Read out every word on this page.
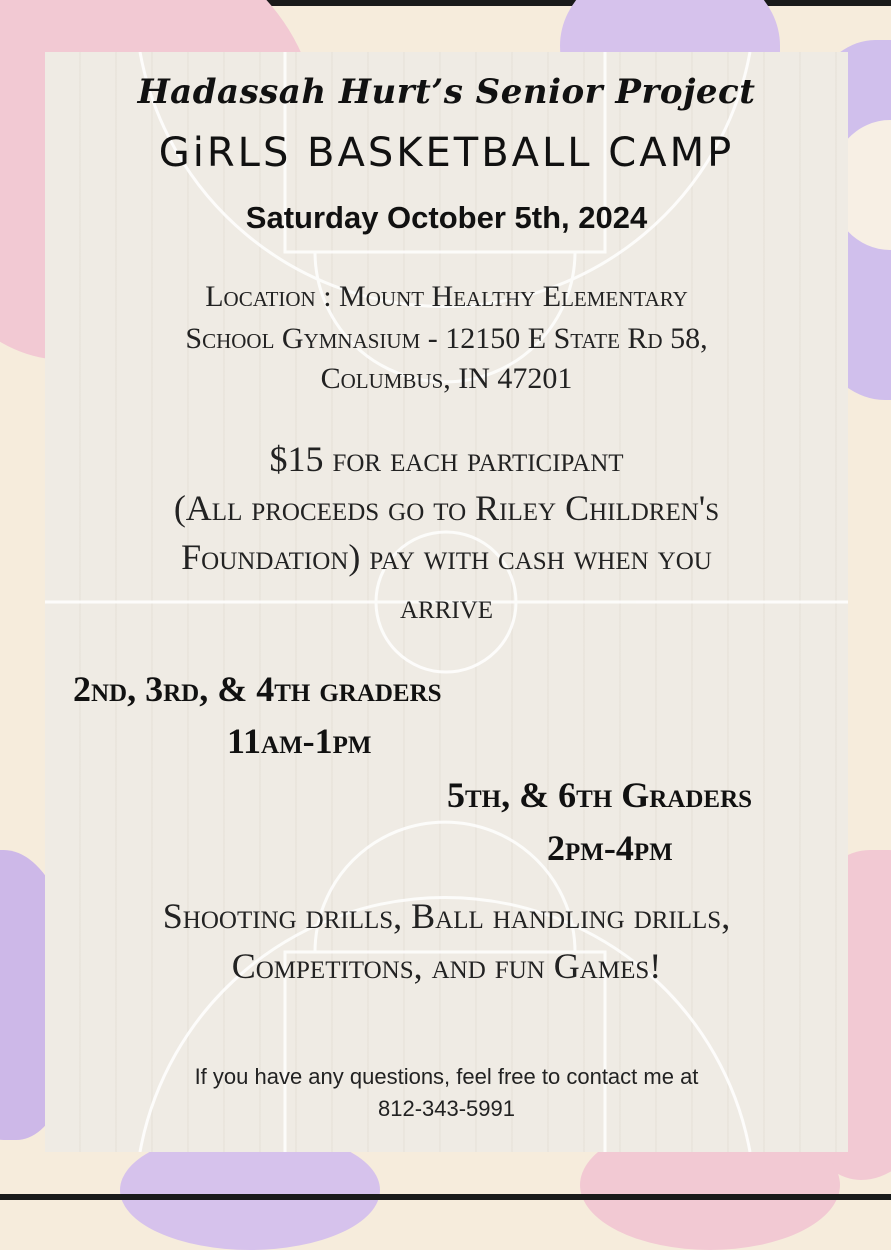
Hadassah Hurt’s Senior Project

GiRLS BASKETBALL CAMP

Saturday October 5th, 2024

Location : Mount Healthy Elementary

School Gymnasium - 12150 E State Rd 58,

Columbus, IN 47201

$15 for each participant

(All proceeds go to Riley Children's

Foundation) pay with cash when you

arrive

2nd, 3rd, & 4th graders

11am-1pm

5th, & 6th Graders

2pm-4pm

Shooting drills, Ball handling drills,

Competitons, and fun Games!

If you have any questions, feel free to contact me at

812-343-5991
